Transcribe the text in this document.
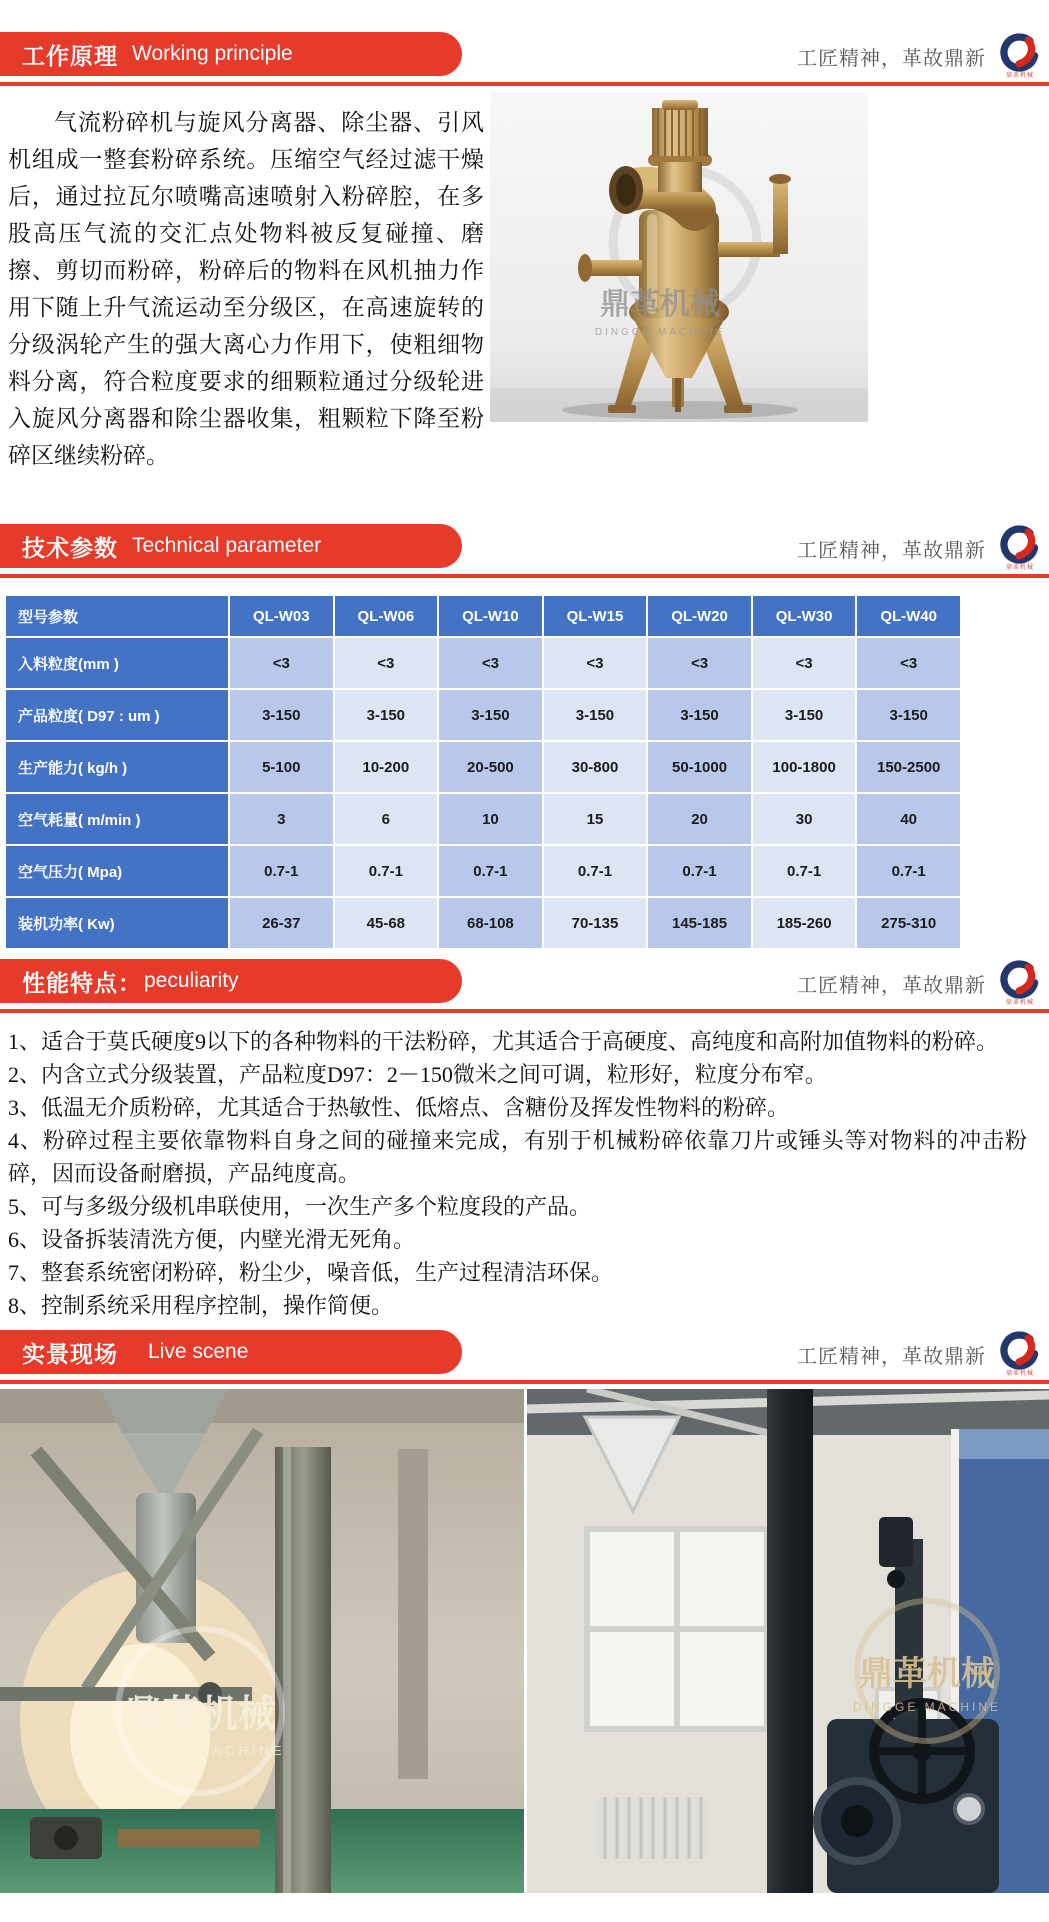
工作原理 Working principle	工匠精神，革故鼎新
鼎革机械
气流粉碎机与旋风分离器、除尘器、引风机组成一整套粉碎系统。压缩空气经过滤干燥后，通过拉瓦尔喷嘴高速喷射入粉碎腔，在多股高压气流的交汇点处物料被反复碰撞、磨擦、剪切而粉碎，粉碎后的物料在风机抽力作用下随上升气流运动至分级区，在高速旋转的分级涡轮产生的强大离心力作用下，使粗细物料分离，符合粒度要求的细颗粒通过分级轮进入旋风分离器和除尘器收集，粗颗粒下降至粉碎区继续粉碎。
鼎革机械
DINGGE MACHINE
技术参数 Technical parameter	工匠精神，革故鼎新
鼎革机械
型号参数	QL-W03	QL-W06	QL-W10	QL-W15	QL-W20	QL-W30	QL-W40
入料粒度(mm )	<3	<3	<3	<3	<3	<3	<3
产品粒度( D97 : um )	3-150	3-150	3-150	3-150	3-150	3-150	3-150
生产能力( kg/h )	5-100	10-200	20-500	30-800	50-1000	100-1800	150-2500
空气耗量( m/min )	3	6	10	15	20	30	40
空气压力( Mpa)	0.7-1	0.7-1	0.7-1	0.7-1	0.7-1	0.7-1	0.7-1
装机功率( Kw)	26-37	45-68	68-108	70-135	145-185	185-260	275-310
性能特点： peculiarity	工匠精神，革故鼎新
鼎革机械

1、适合于莫氏硬度9以下的各种物料的干法粉碎，尤其适合于高硬度、高纯度和高附加值物料的粉碎。

2、内含立式分级装置，产品粒度D97：2－150微米之间可调，粒形好，粒度分布窄。

3、低温无介质粉碎，尤其适合于热敏性、低熔点、含糖份及挥发性物料的粉碎。

4、粉碎过程主要依靠物料自身之间的碰撞来完成，有别于机械粉碎依靠刀片或锤头等对物料的冲击粉碎，因而设备耐磨损，产品纯度高。

5、可与多级分级机串联使用，一次生产多个粒度段的产品。

6、设备拆装清洗方便，内壁光滑无死角。

7、整套系统密闭粉碎，粉尘少，噪音低，生产过程清洁环保。

8、控制系统采用程序控制，操作简便。

实景现场 Live scene	工匠精神，革故鼎新
鼎革机械
鼎革机械
DINGGE MACHINE
鼎革机械
DINGGE MACHINE
